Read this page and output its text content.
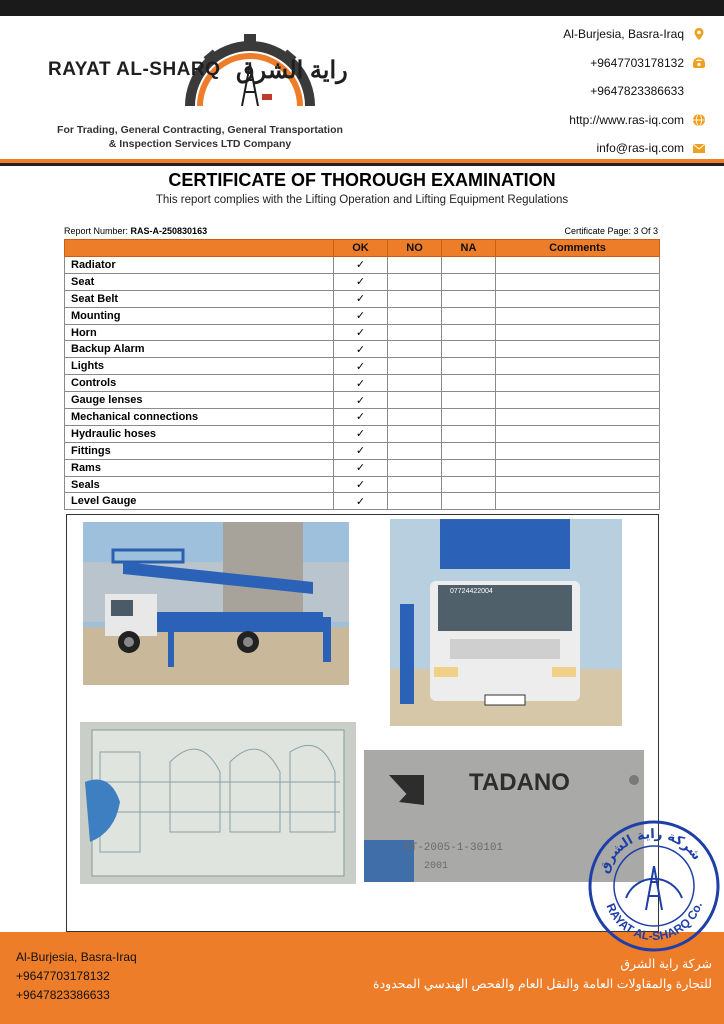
RAYAT AL-SHARQ راية الشرق
For Trading, General Contracting, General Transportation
& Inspection Services LTD Company
Al-Burjesia, Basra-Iraq
+9647703178132
+9647823386633
http://www.ras-iq.com
info@ras-iq.com
CERTIFICATE OF THOROUGH EXAMINATION
This report complies with the Lifting Operation and Lifting Equipment Regulations
Report Number: RAS-A-250830163	Certificate Page: 3 Of 3
	OK	NO	NA	Comments
Radiator	✓			
Seat	✓			
Seat Belt	✓			
Mounting	✓			
Horn	✓			
Backup Alarm	✓			
Lights	✓			
Controls	✓			
Gauge lenses	✓			
Mechanical connections	✓			
Hydraulic hoses	✓			
Fittings	✓			
Rams	✓			
Seals	✓			
Level Gauge	✓			
07724422004
TADANO
AT-2005-1-30101
2001
Al-Burjesia, Basra-Iraq
+9647703178132
+9647823386633
شركة راية الشرق
للتجارة والمقاولات العامة والنقل العام والفحص الهندسي المحدودة
شركة راية الشرق
RAYAT AL-SHARQ Co.
